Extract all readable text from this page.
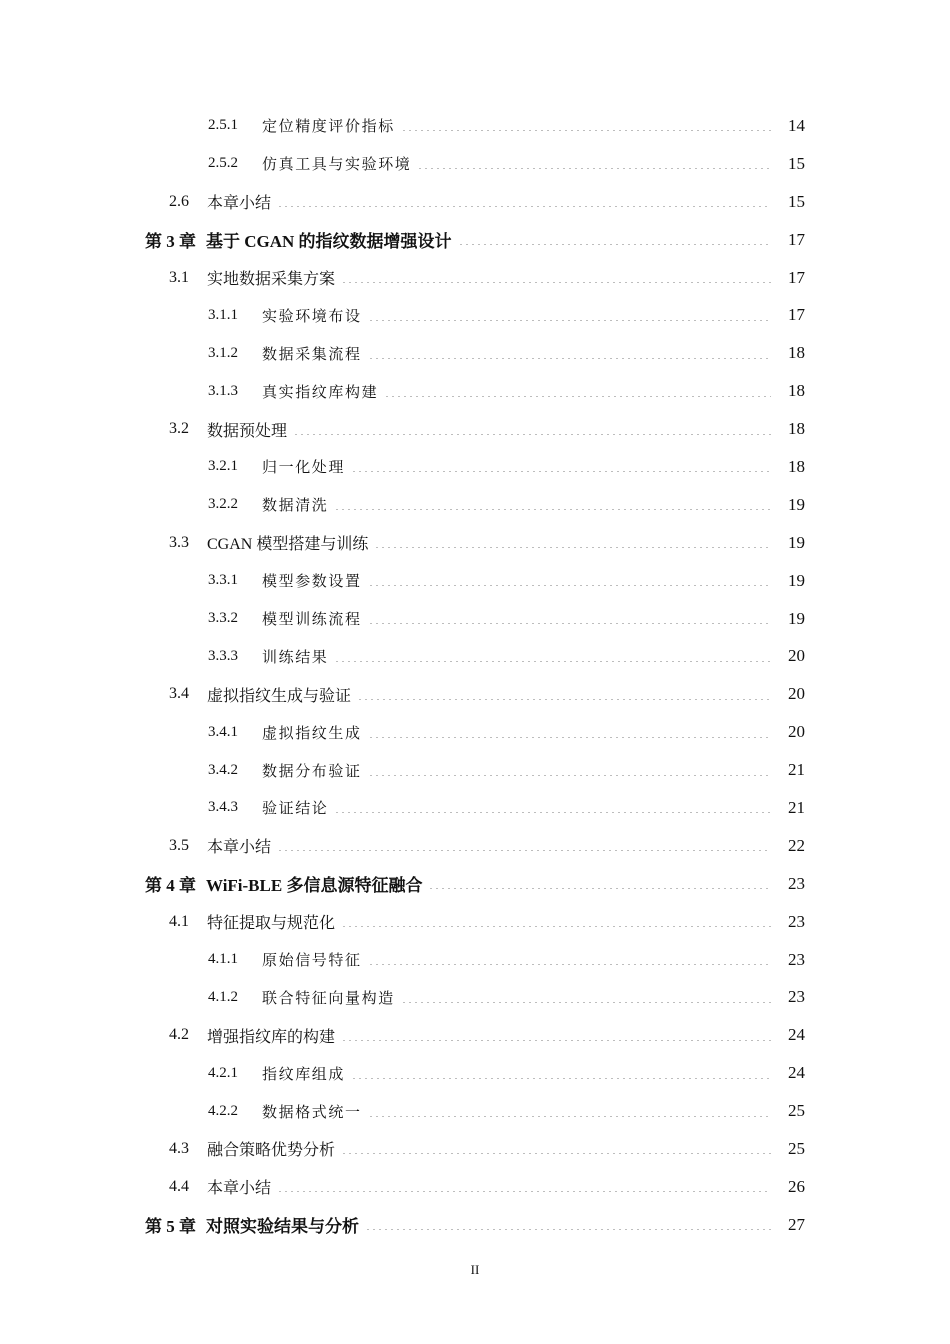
2.5.1	定位精度评价指标	14
2.5.2	仿真工具与实验环境	15
2.6	本章小结	15
第 3 章 基于 CGAN 的指纹数据增强设计	17
3.1	实地数据采集方案	17
3.1.1	实验环境布设	17
3.1.2	数据采集流程	18
3.1.3	真实指纹库构建	18
3.2	数据预处理	18
3.2.1	归一化处理	18
3.2.2	数据清洗	19
3.3	CGAN 模型搭建与训练	19
3.3.1	模型参数设置	19
3.3.2	模型训练流程	19
3.3.3	训练结果	20
3.4	虚拟指纹生成与验证	20
3.4.1	虚拟指纹生成	20
3.4.2	数据分布验证	21
3.4.3	验证结论	21
3.5	本章小结	22
第 4 章 WiFi-BLE 多信息源特征融合	23
4.1	特征提取与规范化	23
4.1.1	原始信号特征	23
4.1.2	联合特征向量构造	23
4.2	增强指纹库的构建	24
4.2.1	指纹库组成	24
4.2.2	数据格式统一	25
4.3	融合策略优势分析	25
4.4	本章小结	26
第 5 章 对照实验结果与分析	27
II
